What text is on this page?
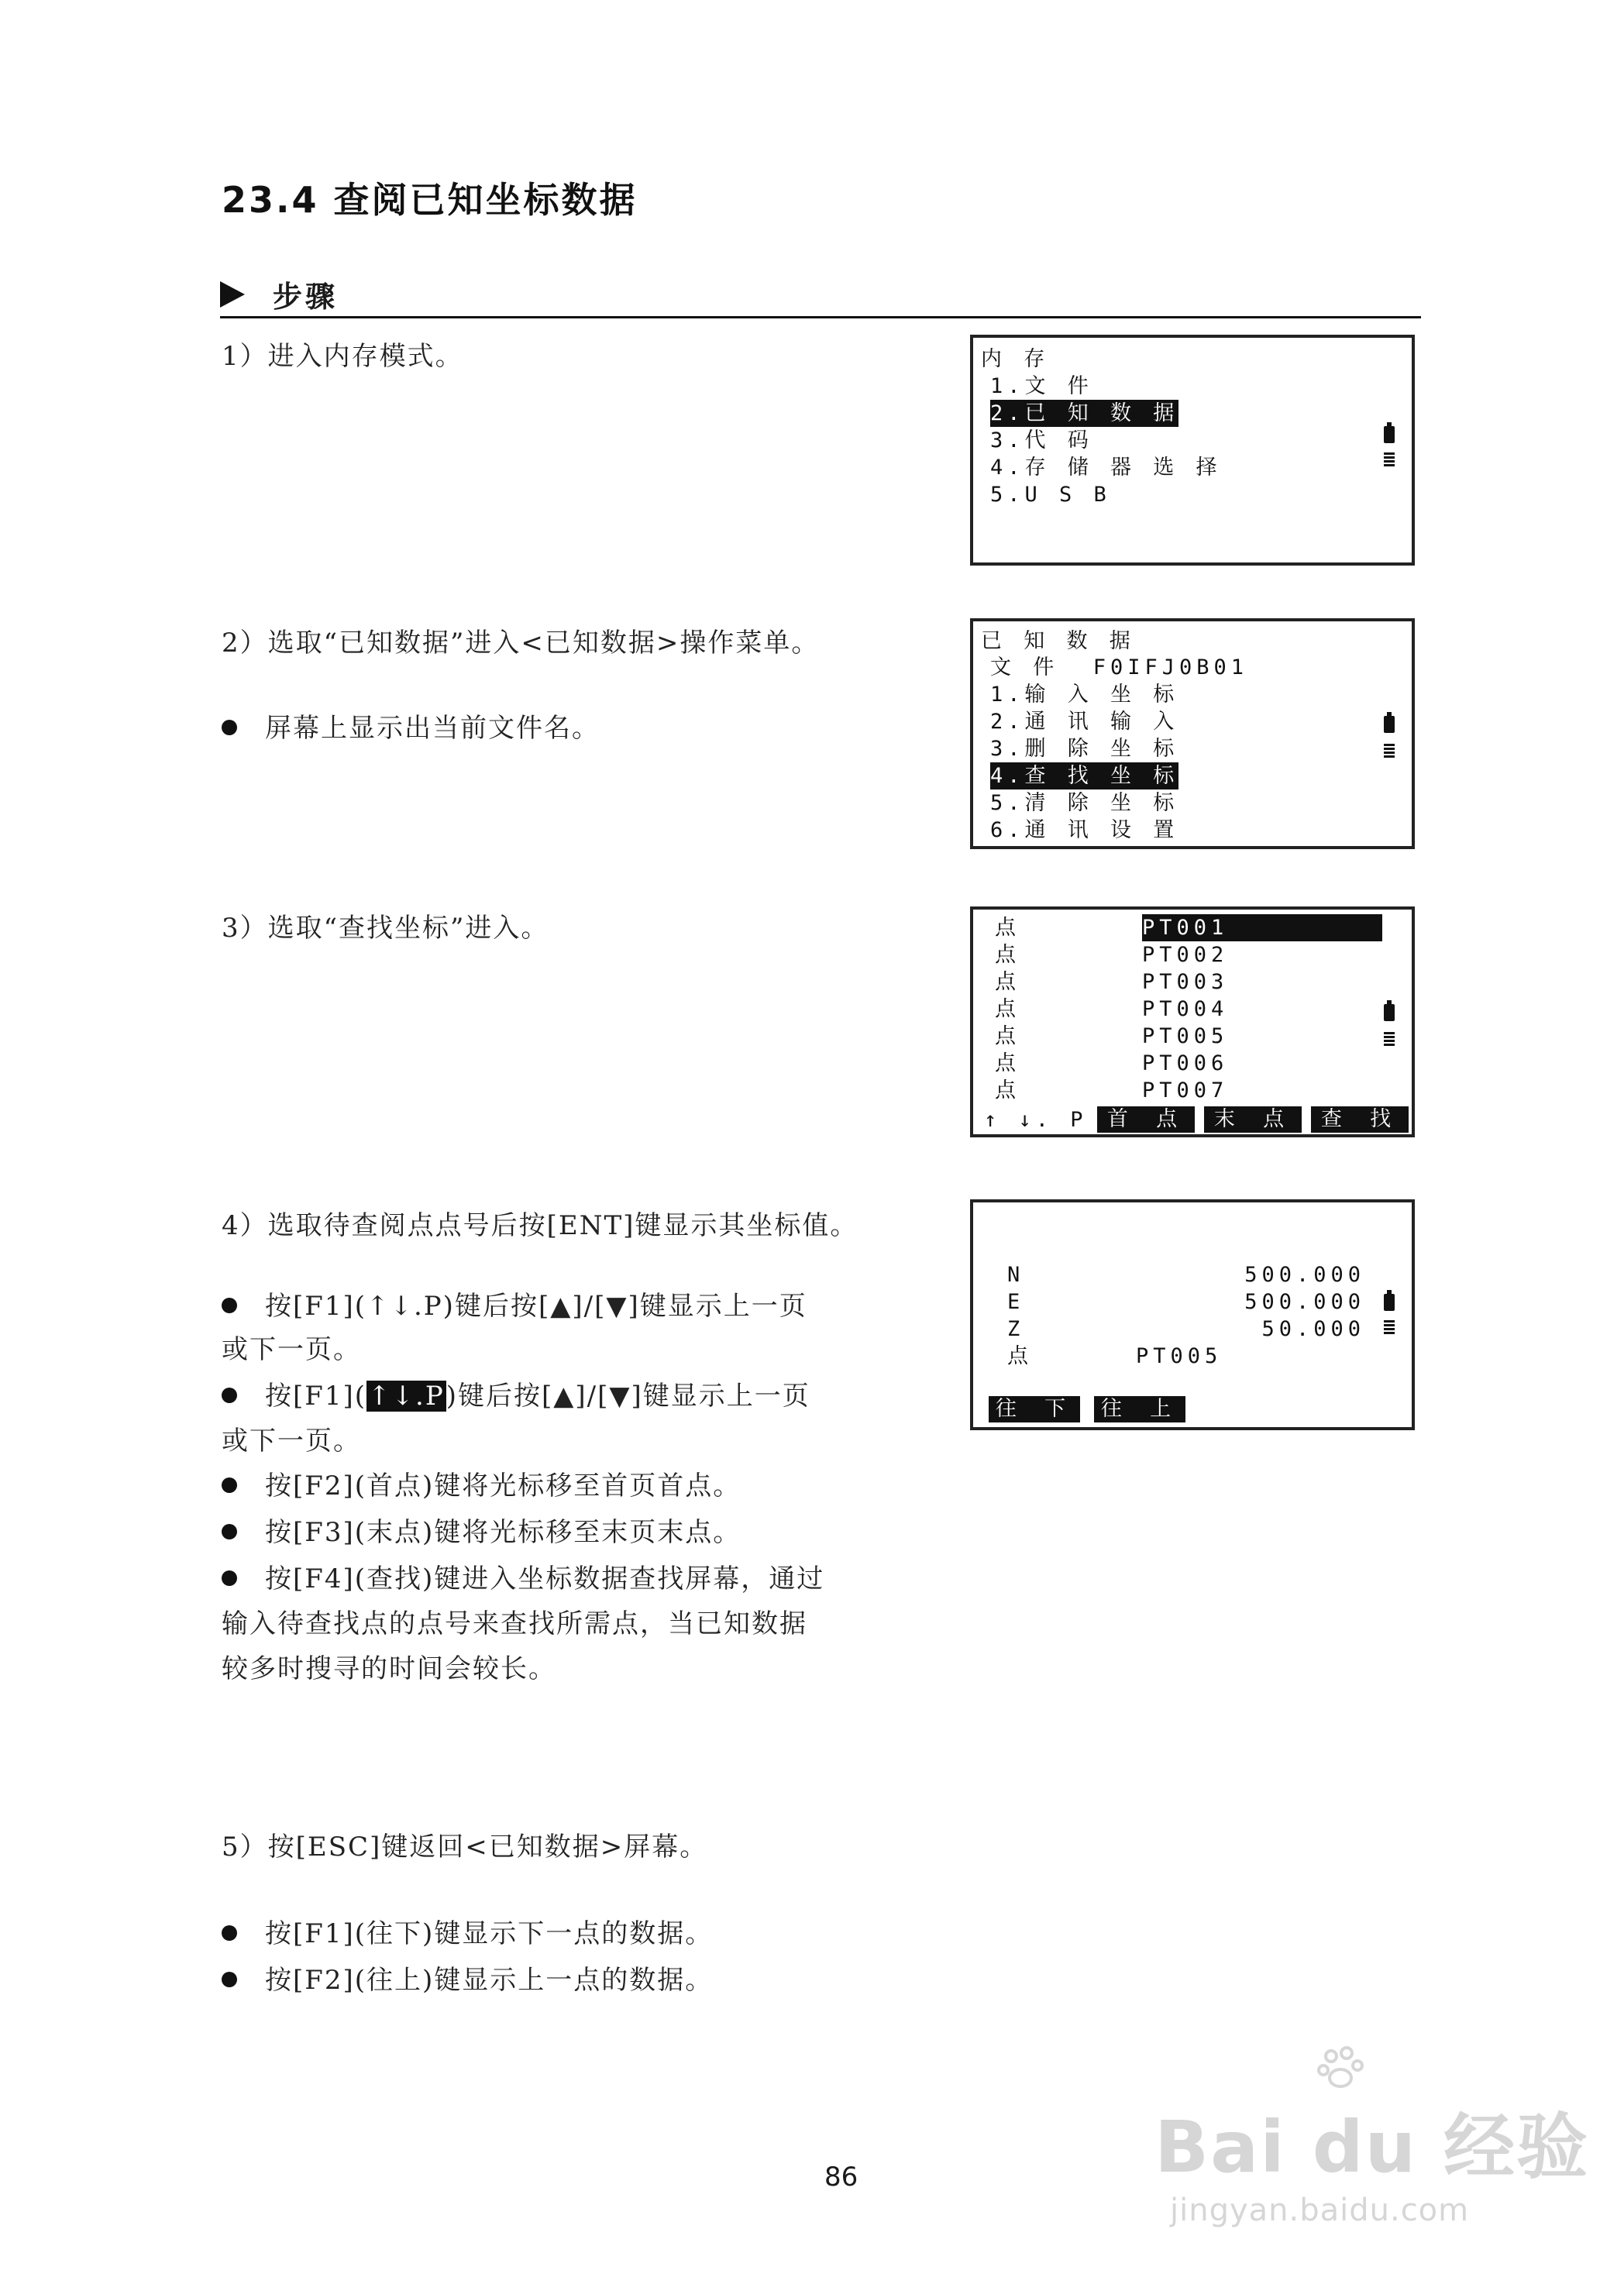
23.4 查阅已知坐标数据
步骤
1）进入内存模式。	内 存
1.文 件
2.已 知 数 据
3.代 码
4.存 储 器 选 择
5.U S B
2）选取“已知数据”进入<已知数据>操作菜单。
屏幕上显示出当前文件名。
已 知 数 据
文 件  F0IFJ0B01
1.输 入 坐 标
2.通 讯 输 入
3.删 除 坐 标
4.查 找 坐 标
5.清 除 坐 标
6.通 讯 设 置
3）选取“查找坐标”进入。	点	PT001
点	PT002
点	PT003
点	PT004
点	PT005
点	PT006
点	PT007
↑ ↓. P 首 点	末 点	查 找
4）选取待查阅点点号后按[ENT]键显示其坐标值。
按[F1](↑↓.P)键后按[▲]/[▼]键显示上一页
或下一页。
按[F1](↑↓.P)键后按[▲]/[▼]键显示上一页
或下一页。
按[F2](首点)键将光标移至首页首点。
按[F3](末点)键将光标移至末页末点。
按[F4](查找)键进入坐标数据查找屏幕，通过
输入待查找点的点号来查找所需点，当已知数据
较多时搜寻的时间会较长。
N	500.000
E	500.000
Z	50.000
点	PT005
往 下	往 上
5）按[ESC]键返回<已知数据>屏幕。
按[F1](往下)键显示下一点的数据。
按[F2](往上)键显示上一点的数据。
86	Bai du 经验
jingyan.baidu.com
